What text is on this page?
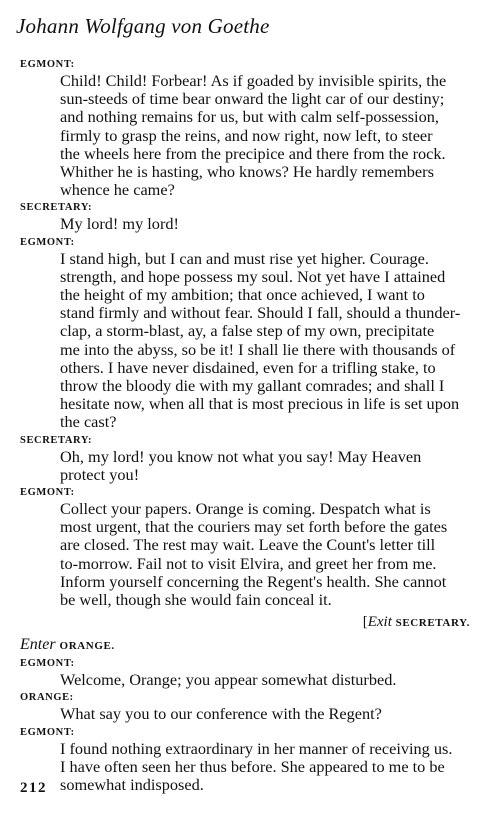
Johann Wolfgang von Goethe
EGMONT:
Child! Child! Forbear! As if goaded by invisible spirits, the
sun-steeds of time bear onward the light car of our destiny;
and nothing remains for us, but with calm self-possession,
firmly to grasp the reins, and now right, now left, to steer
the wheels here from the precipice and there from the rock.
Whither he is hasting, who knows? He hardly remembers
whence he came?
SECRETARY:
My lord! my lord!
EGMONT:
I stand high, but I can and must rise yet higher. Courage.
strength, and hope possess my soul. Not yet have I attained
the height of my ambition; that once achieved, I want to
stand firmly and without fear. Should I fall, should a thunder-
clap, a storm-blast, ay, a false step of my own, precipitate
me into the abyss, so be it! I shall lie there with thousands of
others. I have never disdained, even for a trifling stake, to
throw the bloody die with my gallant comrades; and shall I
hesitate now, when all that is most precious in life is set upon
the cast?
SECRETARY:
Oh, my lord! you know not what you say! May Heaven
protect you!
EGMONT:
Collect your papers. Orange is coming. Despatch what is
most urgent, that the couriers may set forth before the gates
are closed. The rest may wait. Leave the Count's letter till
to-morrow. Fail not to visit Elvira, and greet her from me.
Inform yourself concerning the Regent's health. She cannot
be well, though she would fain conceal it.
[Exit SECRETARY.
Enter ORANGE.
EGMONT:
Welcome, Orange; you appear somewhat disturbed.
ORANGE:
What say you to our conference with the Regent?
EGMONT:
I found nothing extraordinary in her manner of receiving us.
I have often seen her thus before. She appeared to me to be
somewhat indisposed.
212
